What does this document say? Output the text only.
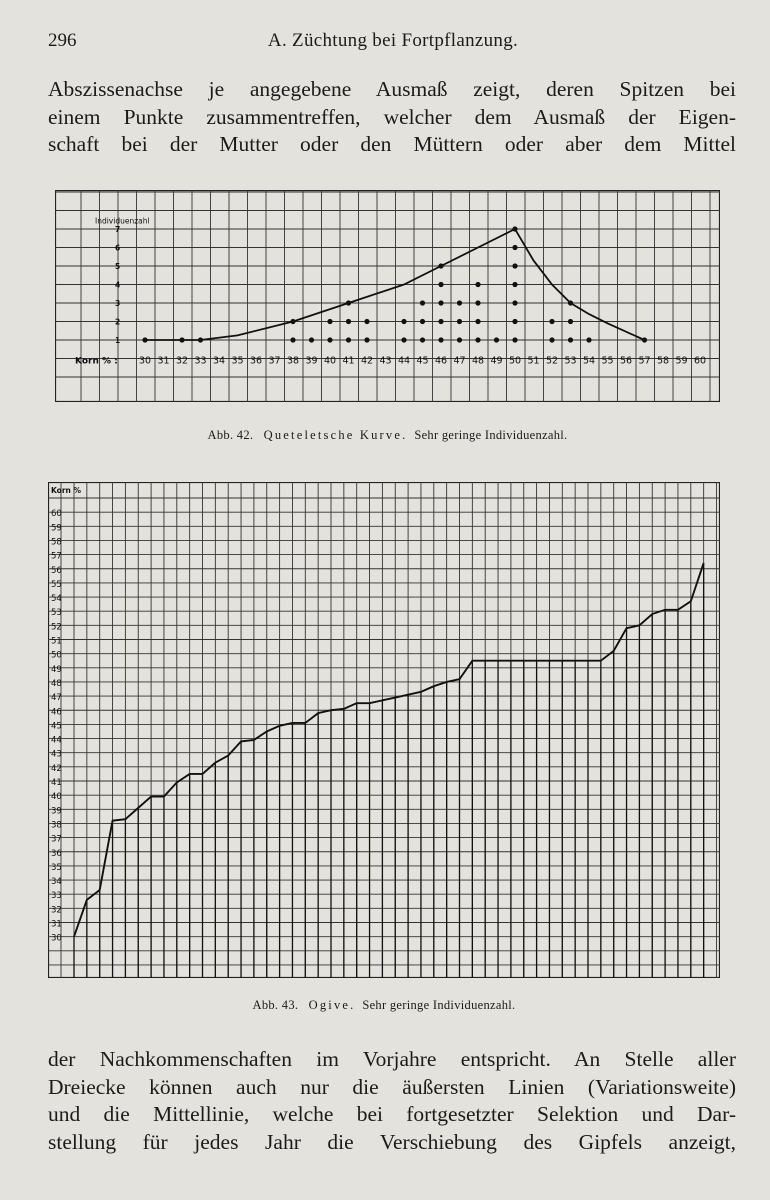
296	A. Züchtung bei Fortpflanzung.
Abszissenachse je angegebene Ausmaß zeigt, deren Spitzen bei
einem Punkte zusammentreffen, welcher dem Ausmaß der Eigen-
schaft bei der Mutter oder den Müttern oder aber dem Mittel
Individuenzahl
1
2
3
4
5
6
7
Korn % : 30 31 32 33 34 35 36 37 38 39 40 41 42 43 44 45 46 47 48 49 50 51 52 53 54 55 56 57 58 59 60
Abb. 42. Queteletsche Kurve. Sehr geringe Individuenzahl.
Korn %
30
31
32
33
34
35
36
37
38
39
40
41
42
43
44
45
46
47
48
49
50
51
52
53
54
55
56
57
58
59
60
Abb. 43. Ogive. Sehr geringe Individuenzahl.
der Nachkommenschaften im Vorjahre entspricht. An Stelle aller
Dreiecke können auch nur die äußersten Linien (Variationsweite)
und die Mittellinie, welche bei fortgesetzter Selektion und Dar-
stellung für jedes Jahr die Verschiebung des Gipfels anzeigt,
